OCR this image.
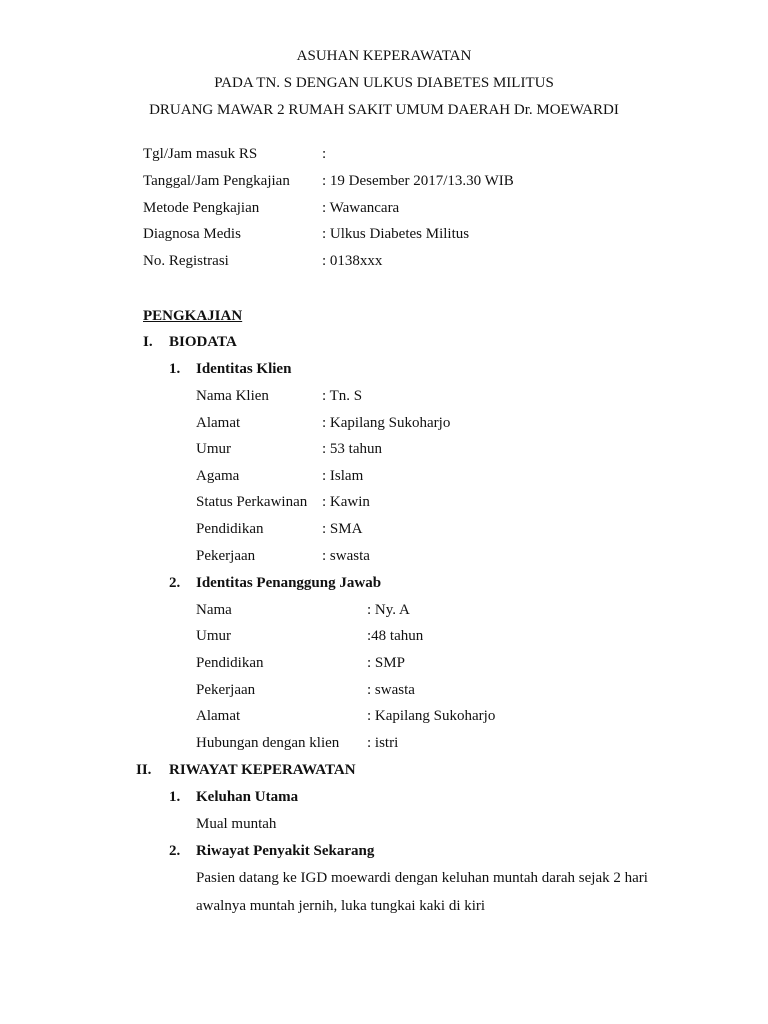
ASUHAN KEPERAWATAN
PADA TN. S DENGAN ULKUS DIABETES MILITUS
DRUANG MAWAR 2 RUMAH SAKIT UMUM DAERAH Dr. MOEWARDI
Tgl/Jam masuk RS	:
Tanggal/Jam Pengkajian : 19 Desember 2017/13.30 WIB
Metode Pengkajian	: Wawancara
Diagnosa Medis	: Ulkus Diabetes Militus
No. Registrasi	: 0138xxx
PENGKAJIAN
I. BIODATA
1. Identitas Klien
Nama Klien	: Tn. S
Alamat	: Kapilang Sukoharjo
Umur	: 53 tahun
Agama	: Islam
Status Perkawinan : Kawin
Pendidikan	: SMA
Pekerjaan	: swasta
2. Identitas Penanggung Jawab
Nama	: Ny. A
Umur	:48 tahun
Pendidikan	: SMP
Pekerjaan	: swasta
Alamat	: Kapilang Sukoharjo
Hubungan dengan klien : istri
II. RIWAYAT KEPERAWATAN
1. Keluhan Utama
Mual muntah
2. Riwayat Penyakit Sekarang
Pasien datang ke IGD moewardi dengan keluhan muntah darah sejak 2 hari
awalnya muntah jernih, luka tungkai kaki di kiri
